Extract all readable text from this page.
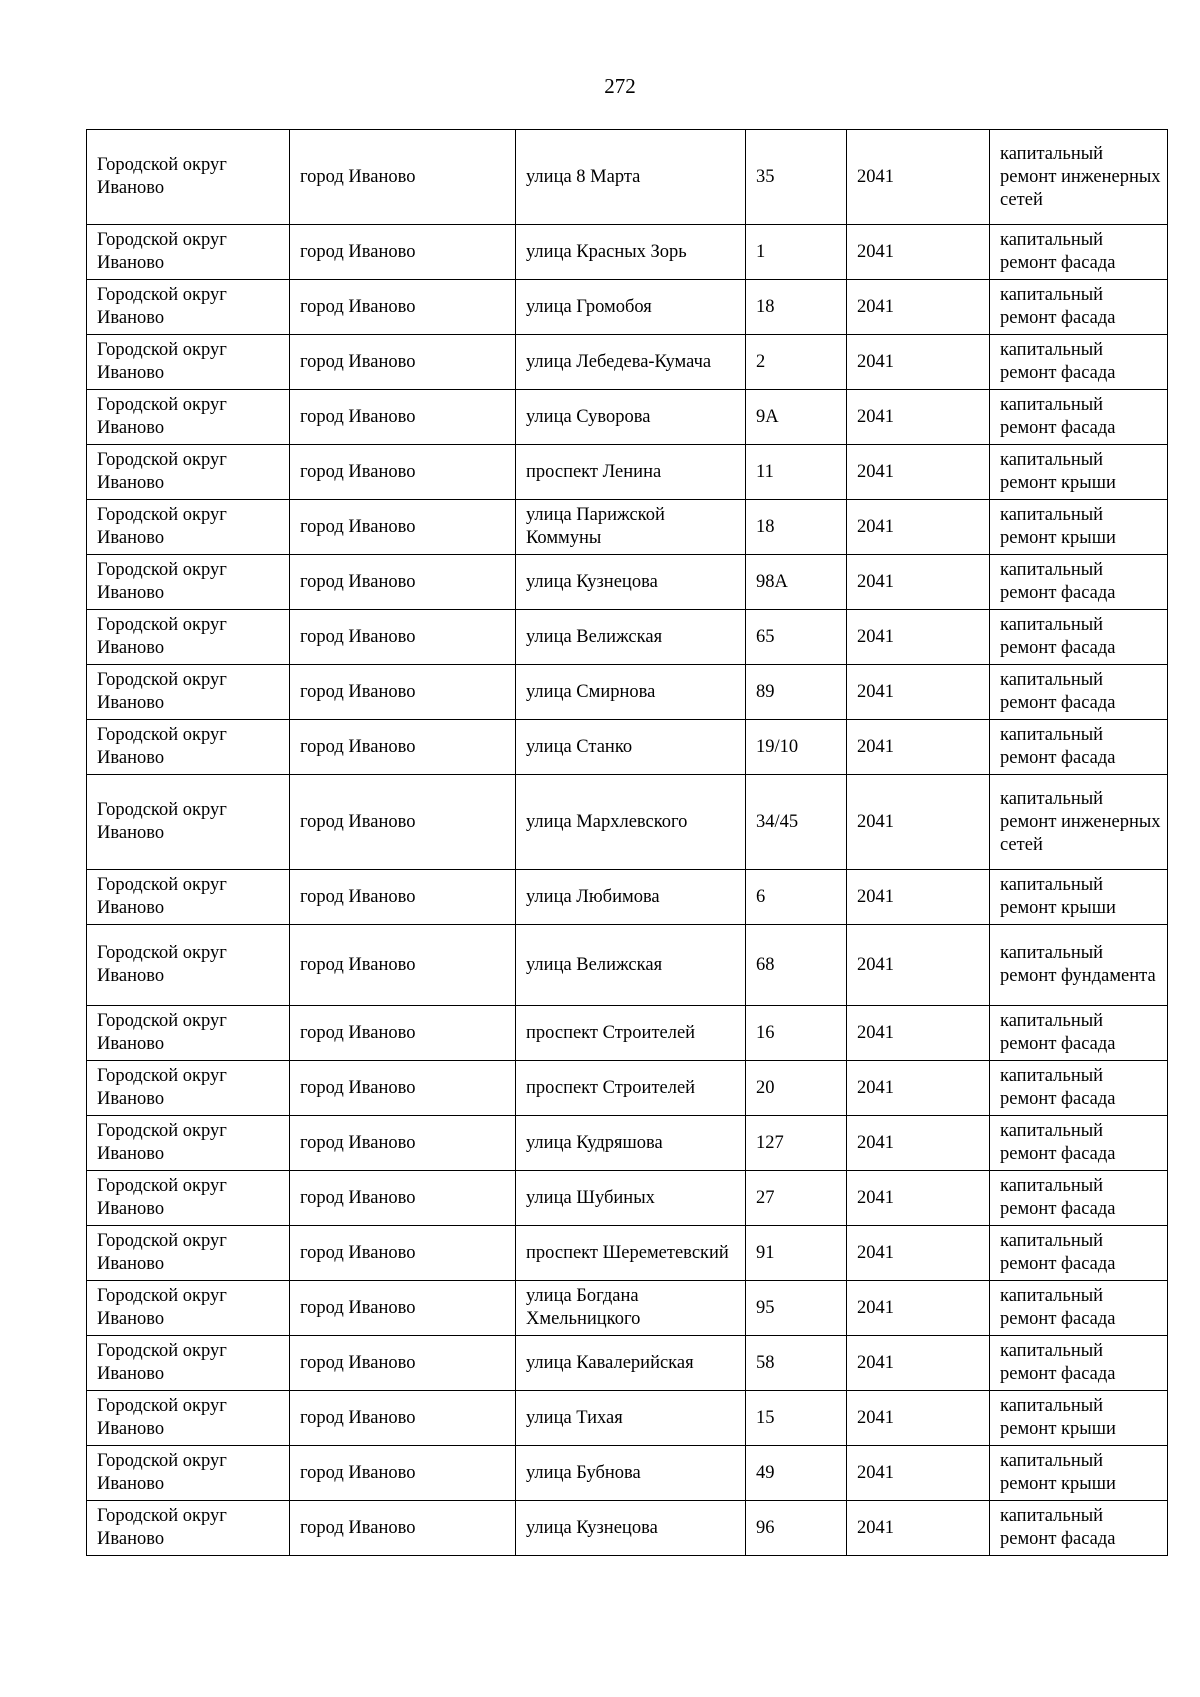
272
Городской округ Иваново	город Иваново	улица 8 Марта	35	2041	капитальный ремонт инженерных сетей
Городской округ Иваново	город Иваново	улица Красных Зорь	1	2041	капитальный ремонт фасада
Городской округ Иваново	город Иваново	улица Громобоя	18	2041	капитальный ремонт фасада
Городской округ Иваново	город Иваново	улица Лебедева-Кумача	2	2041	капитальный ремонт фасада
Городской округ Иваново	город Иваново	улица Суворова	9А	2041	капитальный ремонт фасада
Городской округ Иваново	город Иваново	проспект Ленина	11	2041	капитальный ремонт крыши
Городской округ Иваново	город Иваново	улица Парижской Коммуны	18	2041	капитальный ремонт крыши
Городской округ Иваново	город Иваново	улица Кузнецова	98А	2041	капитальный ремонт фасада
Городской округ Иваново	город Иваново	улица Велижская	65	2041	капитальный ремонт фасада
Городской округ Иваново	город Иваново	улица Смирнова	89	2041	капитальный ремонт фасада
Городской округ Иваново	город Иваново	улица Станко	19/10	2041	капитальный ремонт фасада
Городской округ Иваново	город Иваново	улица Мархлевского	34/45	2041	капитальный ремонт инженерных сетей
Городской округ Иваново	город Иваново	улица Любимова	6	2041	капитальный ремонт крыши
Городской округ Иваново	город Иваново	улица Велижская	68	2041	капитальный ремонт фундамента
Городской округ Иваново	город Иваново	проспект Строителей	16	2041	капитальный ремонт фасада
Городской округ Иваново	город Иваново	проспект Строителей	20	2041	капитальный ремонт фасада
Городской округ Иваново	город Иваново	улица Кудряшова	127	2041	капитальный ремонт фасада
Городской округ Иваново	город Иваново	улица Шубиных	27	2041	капитальный ремонт фасада
Городской округ Иваново	город Иваново	проспект Шереметевский	91	2041	капитальный ремонт фасада
Городской округ Иваново	город Иваново	улица Богдана Хмельницкого	95	2041	капитальный ремонт фасада
Городской округ Иваново	город Иваново	улица Кавалерийская	58	2041	капитальный ремонт фасада
Городской округ Иваново	город Иваново	улица Тихая	15	2041	капитальный ремонт крыши
Городской округ Иваново	город Иваново	улица Бубнова	49	2041	капитальный ремонт крыши
Городской округ Иваново	город Иваново	улица Кузнецова	96	2041	капитальный ремонт фасада
